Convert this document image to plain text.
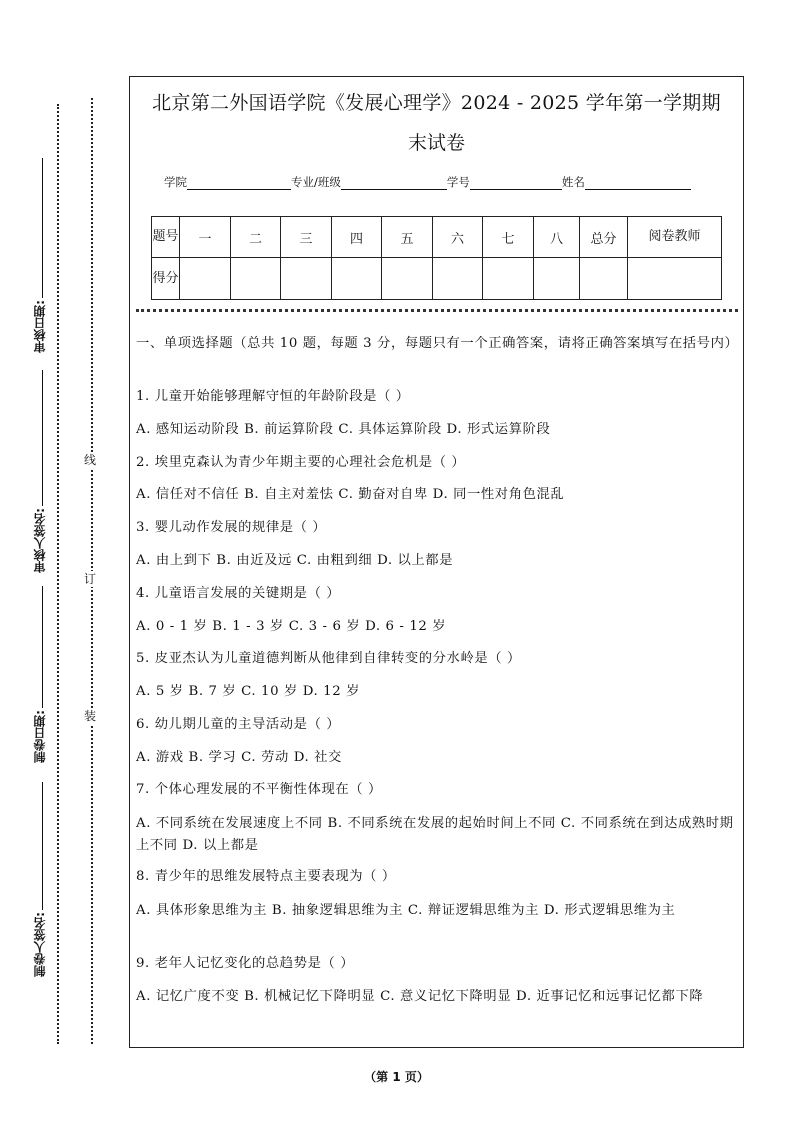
审核日期:
审核人签名:
制卷日期:
制卷人签名:
线
订
装
北京第二外国语学院《发展心理学》2024 - 2025 学年第一学期期
末试卷
学院	专业/班级	学号	姓名
题号	一	二	三	四	五	六	七	八	总分	阅卷教师
得分										
一、单项选择题（总共 10 题，每题 3 分，每题只有一个正确答案，请将正确答案填写在括号内）
1. 儿童开始能够理解守恒的年龄阶段是（ ）
A. 感知运动阶段 B. 前运算阶段 C. 具体运算阶段 D. 形式运算阶段
2. 埃里克森认为青少年期主要的心理社会危机是（ ）
A. 信任对不信任 B. 自主对羞怯 C. 勤奋对自卑 D. 同一性对角色混乱
3. 婴儿动作发展的规律是（ ）
A. 由上到下 B. 由近及远 C. 由粗到细 D. 以上都是
4. 儿童语言发展的关键期是（ ）
A. 0 - 1 岁 B. 1 - 3 岁 C. 3 - 6 岁 D. 6 - 12 岁
5. 皮亚杰认为儿童道德判断从他律到自律转变的分水岭是（ ）
A. 5 岁 B. 7 岁 C. 10 岁 D. 12 岁
6. 幼儿期儿童的主导活动是（ ）
A. 游戏 B. 学习 C. 劳动 D. 社交
7. 个体心理发展的不平衡性体现在（ ）
A. 不同系统在发展速度上不同 B. 不同系统在发展的起始时间上不同 C. 不同系统在到达成熟时期上不同 D. 以上都是
8. 青少年的思维发展特点主要表现为（ ）
A. 具体形象思维为主 B. 抽象逻辑思维为主 C. 辩证逻辑思维为主 D. 形式逻辑思维为主
9. 老年人记忆变化的总趋势是（ ）
A. 记忆广度不变 B. 机械记忆下降明显 C. 意义记忆下降明显 D. 近事记忆和远事记忆都下降
（第 1 页）
